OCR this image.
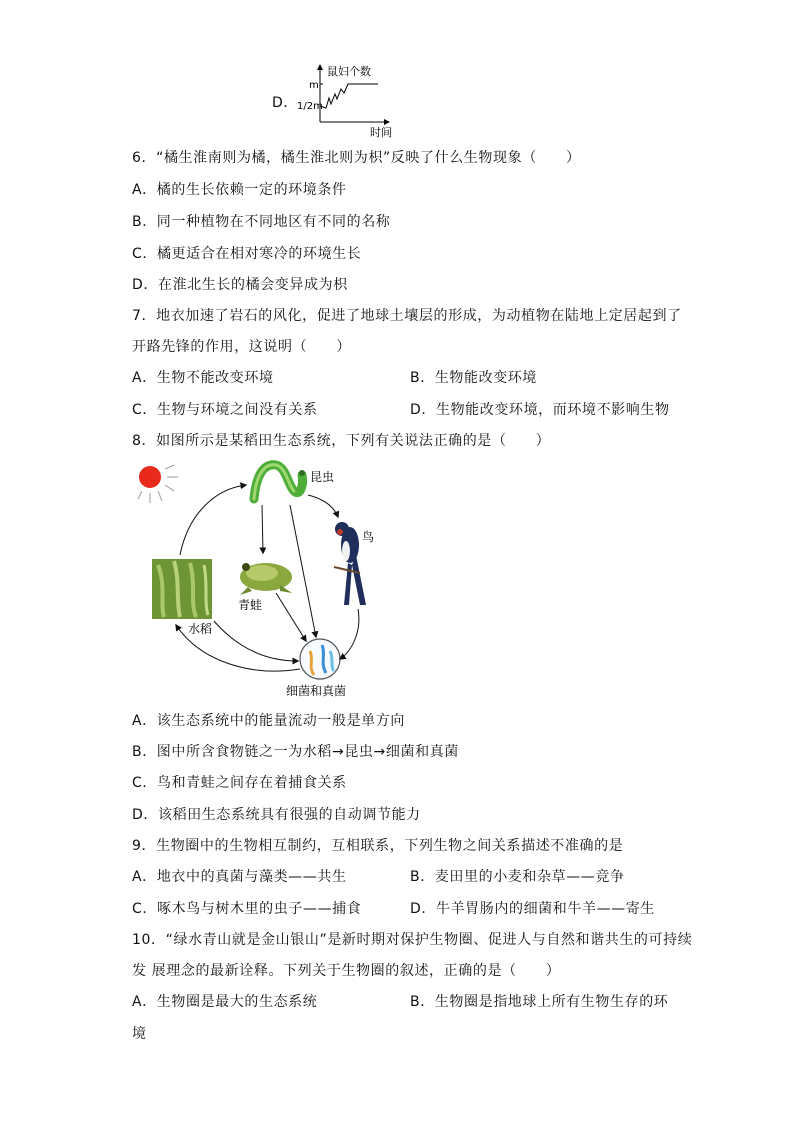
D．
鼠妇个数
m
1/2m
时间
6．“橘生淮南则为橘，橘生淮北则为枳”反映了什么生物现象（　　）
A．橘的生长依赖一定的环境条件
B．同一种植物在不同地区有不同的名称
C．橘更适合在相对寒冷的环境生长
D．在淮北生长的橘会变异成为枳
7．地衣加速了岩石的风化，促进了地球土壤层的形成，为动植物在陆地上定居起到了
开路先锋的作用，这说明（　　）
A．生物不能改变环境	B．生物能改变环境
C．生物与环境之间没有关系	D．生物能改变环境，而环境不影响生物
8．如图所示是某稻田生态系统，下列有关说法正确的是（　　）
昆虫
鸟
青蛙
水稻
细菌和真菌
A．该生态系统中的能量流动一般是单方向
B．图中所含食物链之一为水稻→昆虫→细菌和真菌
C．鸟和青蛙之间存在着捕食关系
D．该稻田生态系统具有很强的自动调节能力
9．生物圈中的生物相互制约，互相联系，下列生物之间关系描述不准确的是
A．地衣中的真菌与藻类——共生	B．麦田里的小麦和杂草——竞争
C．啄木鸟与树木里的虫子——捕食	D．牛羊胃肠内的细菌和牛羊——寄生
10．“绿水青山就是金山银山”是新时期对保护生物圈、促进人与自然和谐共生的可持续
发 展理念的最新诠释。下列关于生物圈的叙述，正确的是（　　）
A．生物圈是最大的生态系统	B．生物圈是指地球上所有生物生存的环
境
